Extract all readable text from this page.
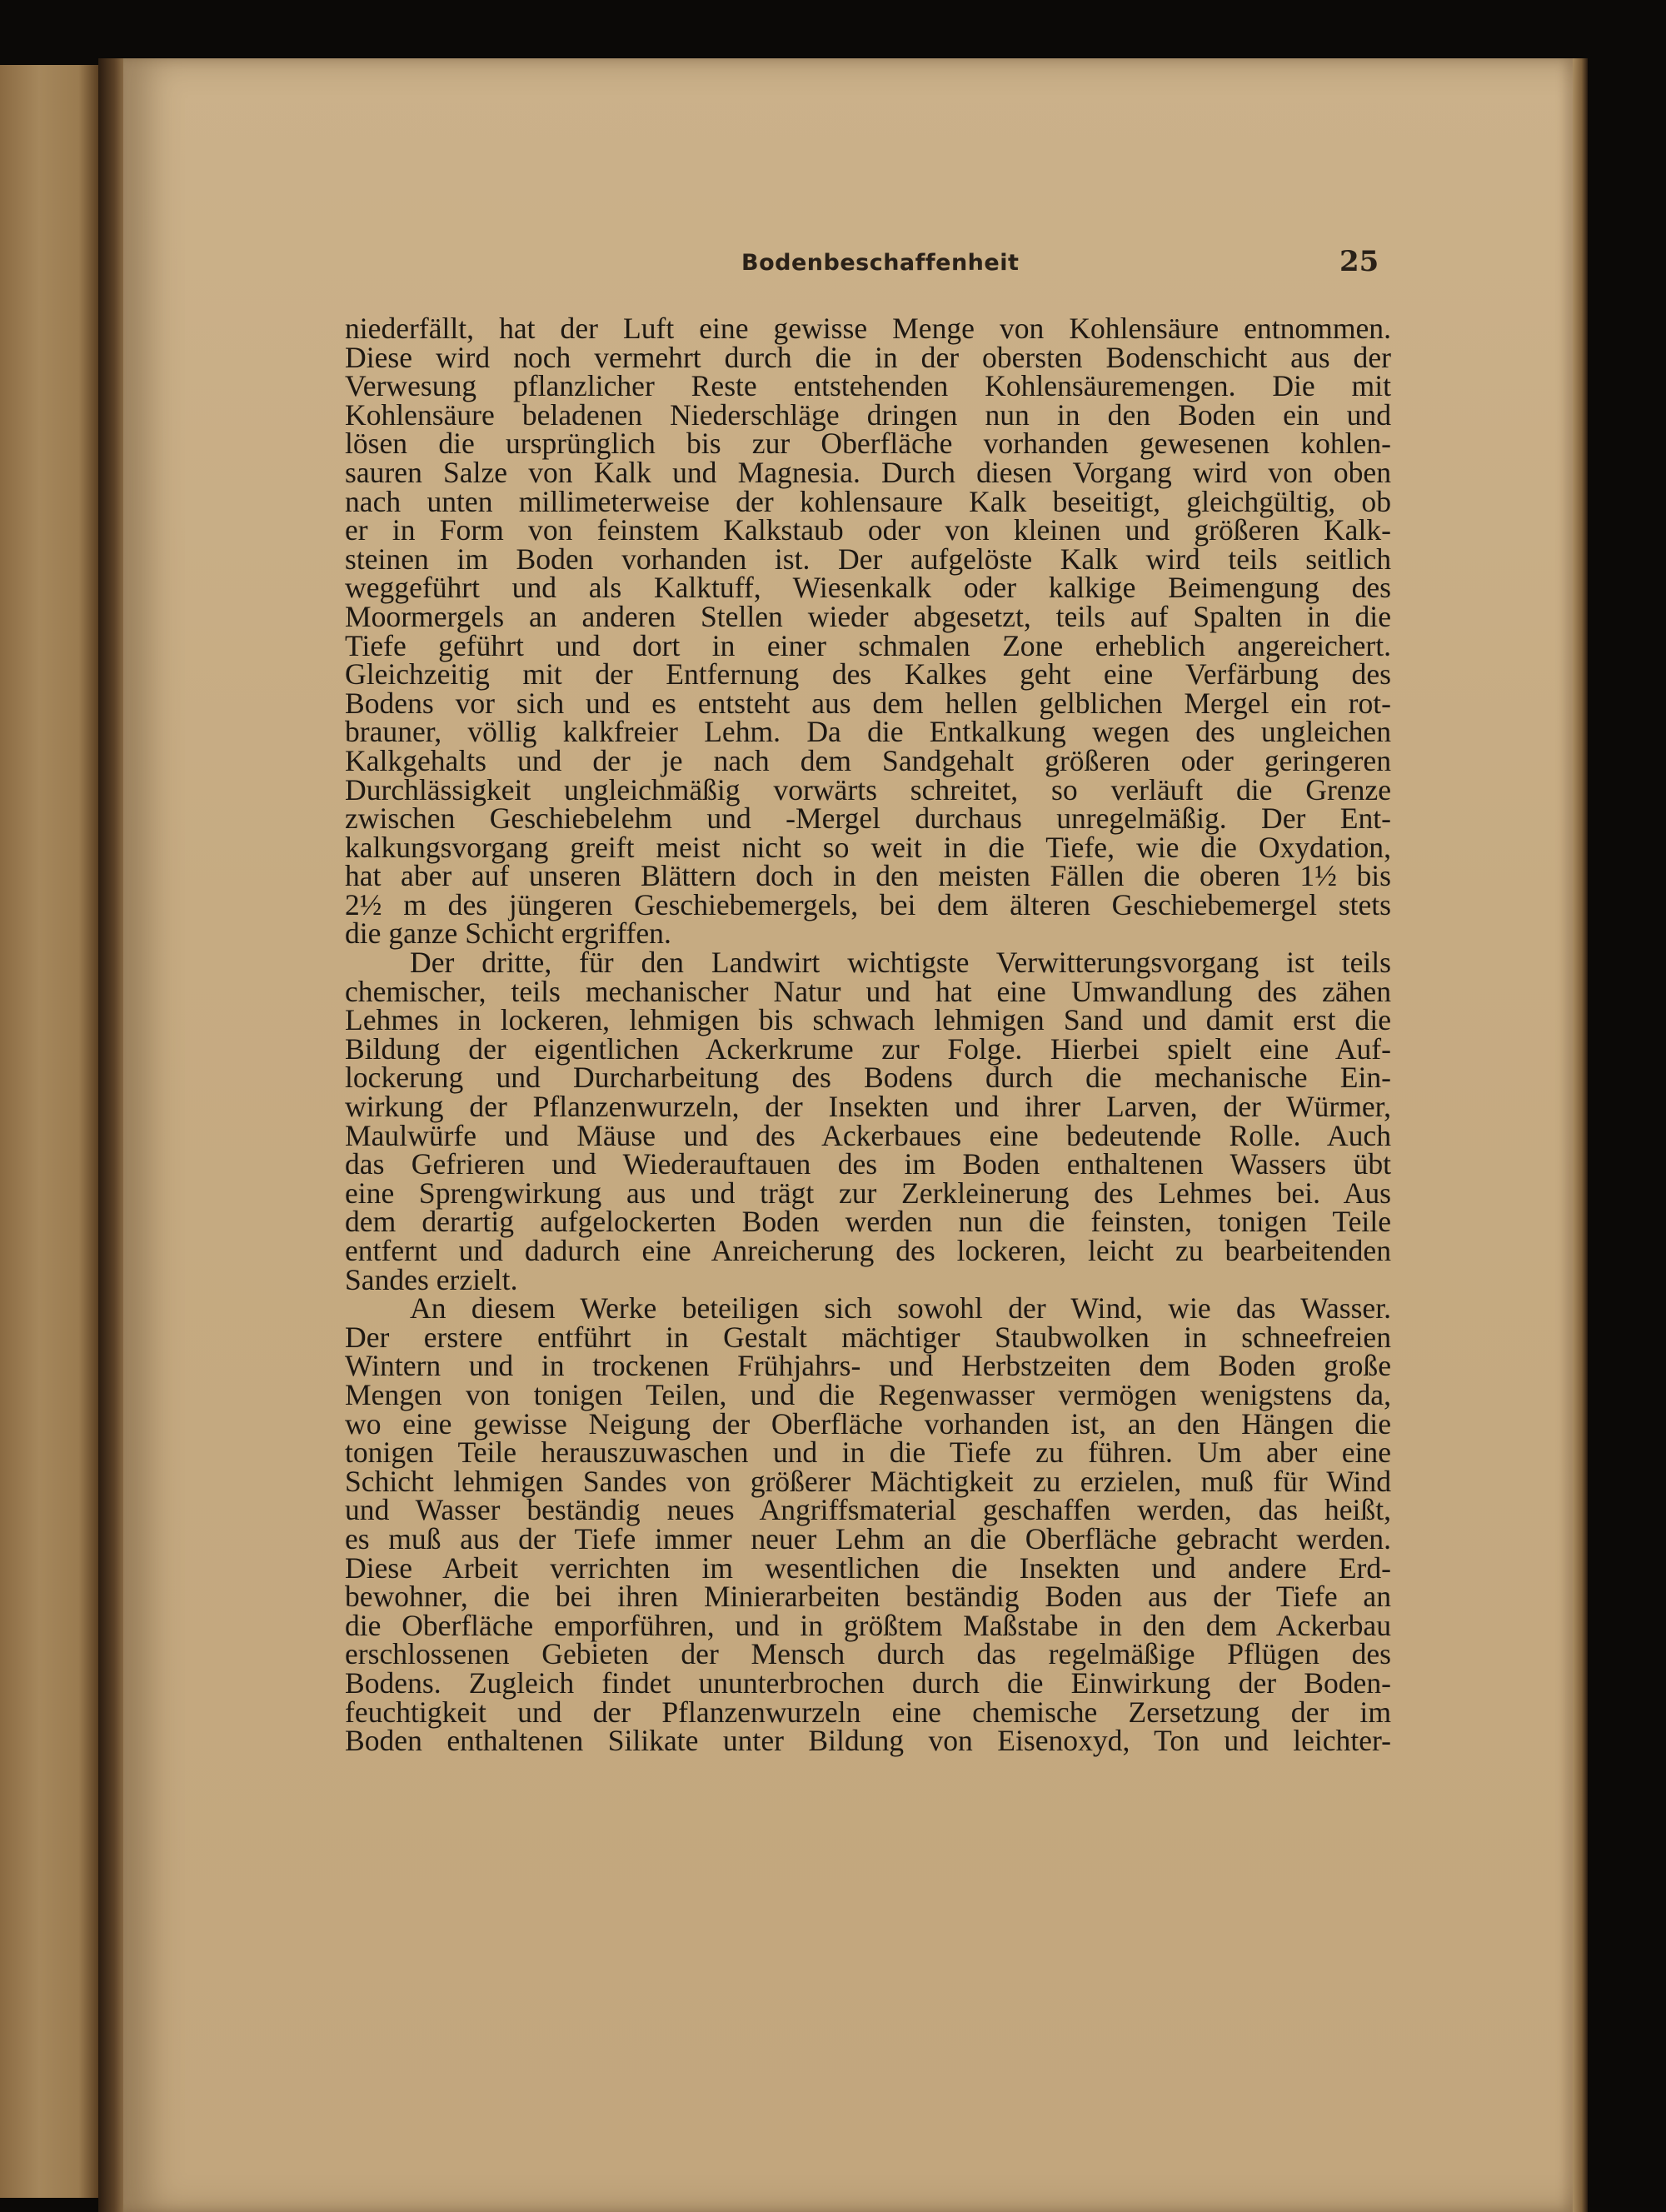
Bodenbeschaffenheit	25
niederfällt, hat der Luft eine gewisse Menge von Kohlensäure entnommen.
Diese wird noch vermehrt durch die in der obersten Bodenschicht aus der
Verwesung pflanzlicher Reste entstehenden Kohlensäuremengen. Die mit
Kohlensäure beladenen Niederschläge dringen nun in den Boden ein und
lösen die ursprünglich bis zur Oberfläche vorhanden gewesenen kohlen-
sauren Salze von Kalk und Magnesia. Durch diesen Vorgang wird von oben
nach unten millimeterweise der kohlensaure Kalk beseitigt, gleichgültig, ob
er in Form von feinstem Kalkstaub oder von kleinen und größeren Kalk-
steinen im Boden vorhanden ist. Der aufgelöste Kalk wird teils seitlich
weggeführt und als Kalktuff, Wiesenkalk oder kalkige Beimengung des
Moormergels an anderen Stellen wieder abgesetzt, teils auf Spalten in die
Tiefe geführt und dort in einer schmalen Zone erheblich angereichert.
Gleichzeitig mit der Entfernung des Kalkes geht eine Verfärbung des
Bodens vor sich und es entsteht aus dem hellen gelblichen Mergel ein rot-
brauner, völlig kalkfreier Lehm. Da die Entkalkung wegen des ungleichen
Kalkgehalts und der je nach dem Sandgehalt größeren oder geringeren
Durchlässigkeit ungleichmäßig vorwärts schreitet, so verläuft die Grenze
zwischen Geschiebelehm und -Mergel durchaus unregelmäßig. Der Ent-
kalkungsvorgang greift meist nicht so weit in die Tiefe, wie die Oxydation,
hat aber auf unseren Blättern doch in den meisten Fällen die oberen 1½ bis
2½ m des jüngeren Geschiebemergels, bei dem älteren Geschiebemergel stets
die ganze Schicht ergriffen.
Der dritte, für den Landwirt wichtigste Verwitterungsvorgang ist teils
chemischer, teils mechanischer Natur und hat eine Umwandlung des zähen
Lehmes in lockeren, lehmigen bis schwach lehmigen Sand und damit erst die
Bildung der eigentlichen Ackerkrume zur Folge. Hierbei spielt eine Auf-
lockerung und Durcharbeitung des Bodens durch die mechanische Ein-
wirkung der Pflanzenwurzeln, der Insekten und ihrer Larven, der Würmer,
Maulwürfe und Mäuse und des Ackerbaues eine bedeutende Rolle. Auch
das Gefrieren und Wiederauftauen des im Boden enthaltenen Wassers übt
eine Sprengwirkung aus und trägt zur Zerkleinerung des Lehmes bei. Aus
dem derartig aufgelockerten Boden werden nun die feinsten, tonigen Teile
entfernt und dadurch eine Anreicherung des lockeren, leicht zu bearbeitenden
Sandes erzielt.
An diesem Werke beteiligen sich sowohl der Wind, wie das Wasser.
Der erstere entführt in Gestalt mächtiger Staubwolken in schneefreien
Wintern und in trockenen Frühjahrs- und Herbstzeiten dem Boden große
Mengen von tonigen Teilen, und die Regenwasser vermögen wenigstens da,
wo eine gewisse Neigung der Oberfläche vorhanden ist, an den Hängen die
tonigen Teile herauszuwaschen und in die Tiefe zu führen. Um aber eine
Schicht lehmigen Sandes von größerer Mächtigkeit zu erzielen, muß für Wind
und Wasser beständig neues Angriffsmaterial geschaffen werden, das heißt,
es muß aus der Tiefe immer neuer Lehm an die Oberfläche gebracht werden.
Diese Arbeit verrichten im wesentlichen die Insekten und andere Erd-
bewohner, die bei ihren Minierarbeiten beständig Boden aus der Tiefe an
die Oberfläche emporführen, und in größtem Maßstabe in den dem Ackerbau
erschlossenen Gebieten der Mensch durch das regelmäßige Pflügen des
Bodens. Zugleich findet ununterbrochen durch die Einwirkung der Boden-
feuchtigkeit und der Pflanzenwurzeln eine chemische Zersetzung der im
Boden enthaltenen Silikate unter Bildung von Eisenoxyd, Ton und leichter-
